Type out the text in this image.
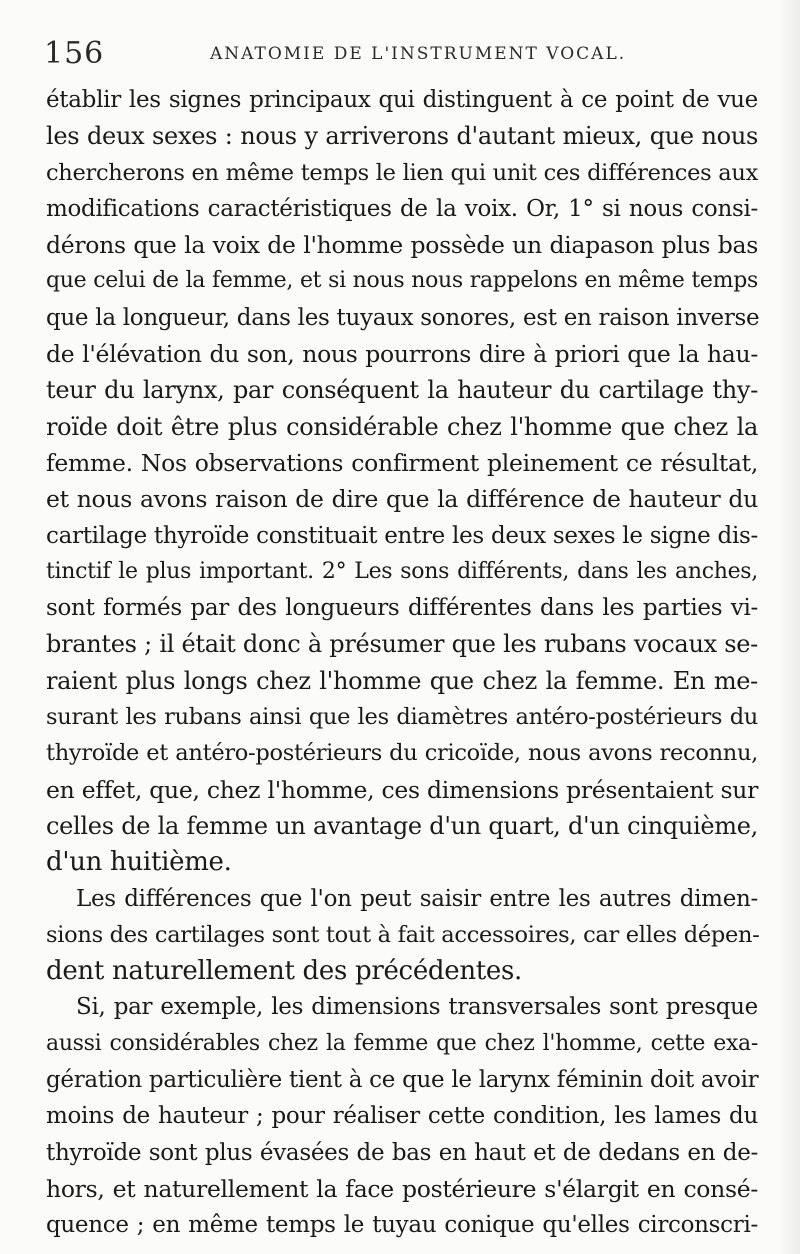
156	ANATOMIE DE L'INSTRUMENT VOCAL.
établir les signes principaux qui distinguent à ce point de vue
les deux sexes : nous y arriverons d'autant mieux, que nous
chercherons en même temps le lien qui unit ces différences aux
modifications caractéristiques de la voix. Or, 1° si nous consi-
dérons que la voix de l'homme possède un diapason plus bas
que celui de la femme, et si nous nous rappelons en même temps
que la longueur, dans les tuyaux sonores, est en raison inverse
de l'élévation du son, nous pourrons dire à priori que la hau-
teur du larynx, par conséquent la hauteur du cartilage thy-
roïde doit être plus considérable chez l'homme que chez la
femme. Nos observations confirment pleinement ce résultat,
et nous avons raison de dire que la différence de hauteur du
cartilage thyroïde constituait entre les deux sexes le signe dis-
tinctif le plus important. 2° Les sons différents, dans les anches,
sont formés par des longueurs différentes dans les parties vi-
brantes ; il était donc à présumer que les rubans vocaux se-
raient plus longs chez l'homme que chez la femme. En me-
surant les rubans ainsi que les diamètres antéro-postérieurs du
thyroïde et antéro-postérieurs du cricoïde, nous avons reconnu,
en effet, que, chez l'homme, ces dimensions présentaient sur
celles de la femme un avantage d'un quart, d'un cinquième,
d'un huitième.
Les différences que l'on peut saisir entre les autres dimen-
sions des cartilages sont tout à fait accessoires, car elles dépen-
dent naturellement des précédentes.
Si, par exemple, les dimensions transversales sont presque
aussi considérables chez la femme que chez l'homme, cette exa-
gération particulière tient à ce que le larynx féminin doit avoir
moins de hauteur ; pour réaliser cette condition, les lames du
thyroïde sont plus évasées de bas en haut et de dedans en de-
hors, et naturellement la face postérieure s'élargit en consé-
quence ; en même temps le tuyau conique qu'elles circonscri-
